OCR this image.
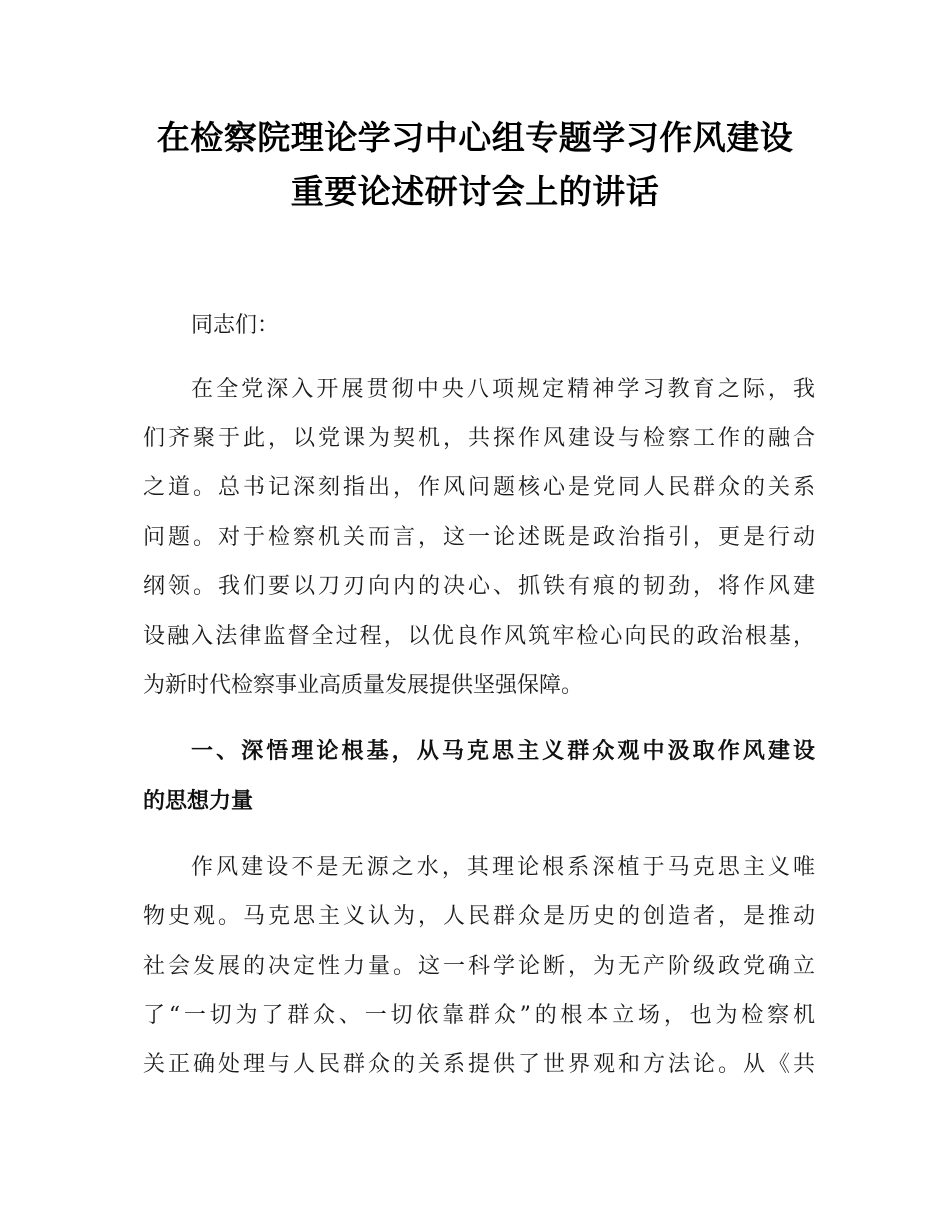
在检察院理论学习中心组专题学习作风建设
重要论述研讨会上的讲话

同志们：

在全党深入开展贯彻中央八项规定精神学习教育之际，我

们齐聚于此，以党课为契机，共探作风建设与检察工作的融合

之道。总书记深刻指出，作风问题核心是党同人民群众的关系

问题。对于检察机关而言，这一论述既是政治指引，更是行动

纲领。我们要以刀刃向内的决心、抓铁有痕的韧劲，将作风建

设融入法律监督全过程，以优良作风筑牢检心向民的政治根基，

为新时代检察事业高质量发展提供坚强保障。

一、深悟理论根基，从马克思主义群众观中汲取作风建设

的思想力量

作风建设不是无源之水，其理论根系深植于马克思主义唯

物史观。马克思主义认为，人民群众是历史的创造者，是推动

社会发展的决定性力量。这一科学论断，为无产阶级政党确立

了“一切为了群众、一切依靠群众”的根本立场，也为检察机

关正确处理与人民群众的关系提供了世界观和方法论。从《共
